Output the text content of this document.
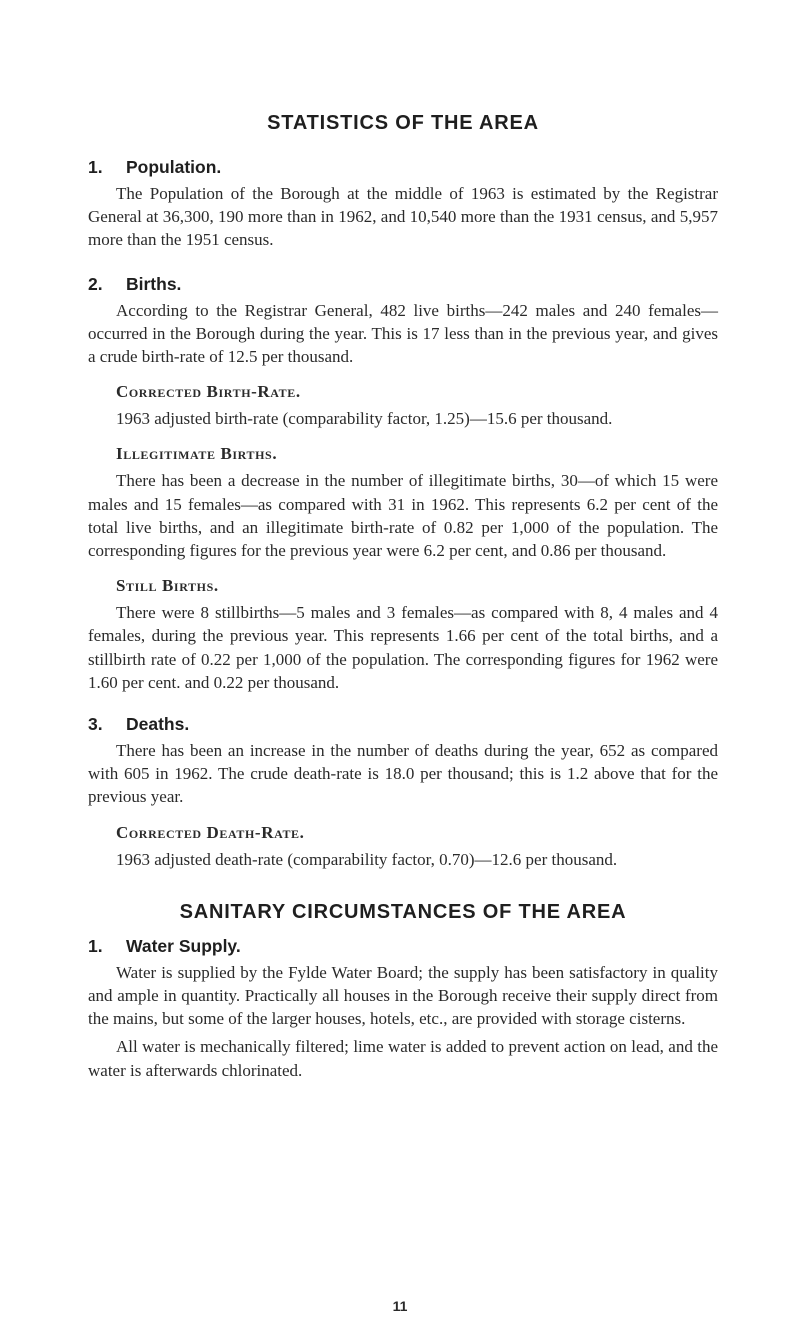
STATISTICS OF THE AREA
1.	Population.

The Population of the Borough at the middle of 1963 is estimated by the Registrar General at 36,300, 190 more than in 1962, and 10,540 more than the 1931 census, and 5,957 more than the 1951 census.

2.	Births.

According to the Registrar General, 482 live births—242 males and 240 females—occurred in the Borough during the year. This is 17 less than in the previous year, and gives a crude birth-rate of 12.5 per thousand.

Corrected Birth-Rate.

1963 adjusted birth-rate (comparability factor, 1.25)—15.6 per thousand.

Illegitimate Births.

There has been a decrease in the number of illegitimate births, 30—of which 15 were males and 15 females—as compared with 31 in 1962. This represents 6.2 per cent of the total live births, and an illegitimate birth-rate of 0.82 per 1,000 of the population. The corresponding figures for the previous year were 6.2 per cent, and 0.86 per thousand.

Still Births.

There were 8 stillbirths—5 males and 3 females—as compared with 8, 4 males and 4 females, during the previous year. This represents 1.66 per cent of the total births, and a stillbirth rate of 0.22 per 1,000 of the population. The corresponding figures for 1962 were 1.60 per cent. and 0.22 per thousand.

3.	Deaths.

There has been an increase in the number of deaths during the year, 652 as compared with 605 in 1962. The crude death-rate is 18.0 per thousand; this is 1.2 above that for the previous year.

Corrected Death-Rate.

1963 adjusted death-rate (comparability factor, 0.70)—12.6 per thousand.

SANITARY CIRCUMSTANCES OF THE AREA
1.	Water Supply.

Water is supplied by the Fylde Water Board; the supply has been satisfactory in quality and ample in quantity. Practically all houses in the Borough receive their supply direct from the mains, but some of the larger houses, hotels, etc., are provided with storage cisterns.

All water is mechanically filtered; lime water is added to prevent action on lead, and the water is afterwards chlorinated.

11
